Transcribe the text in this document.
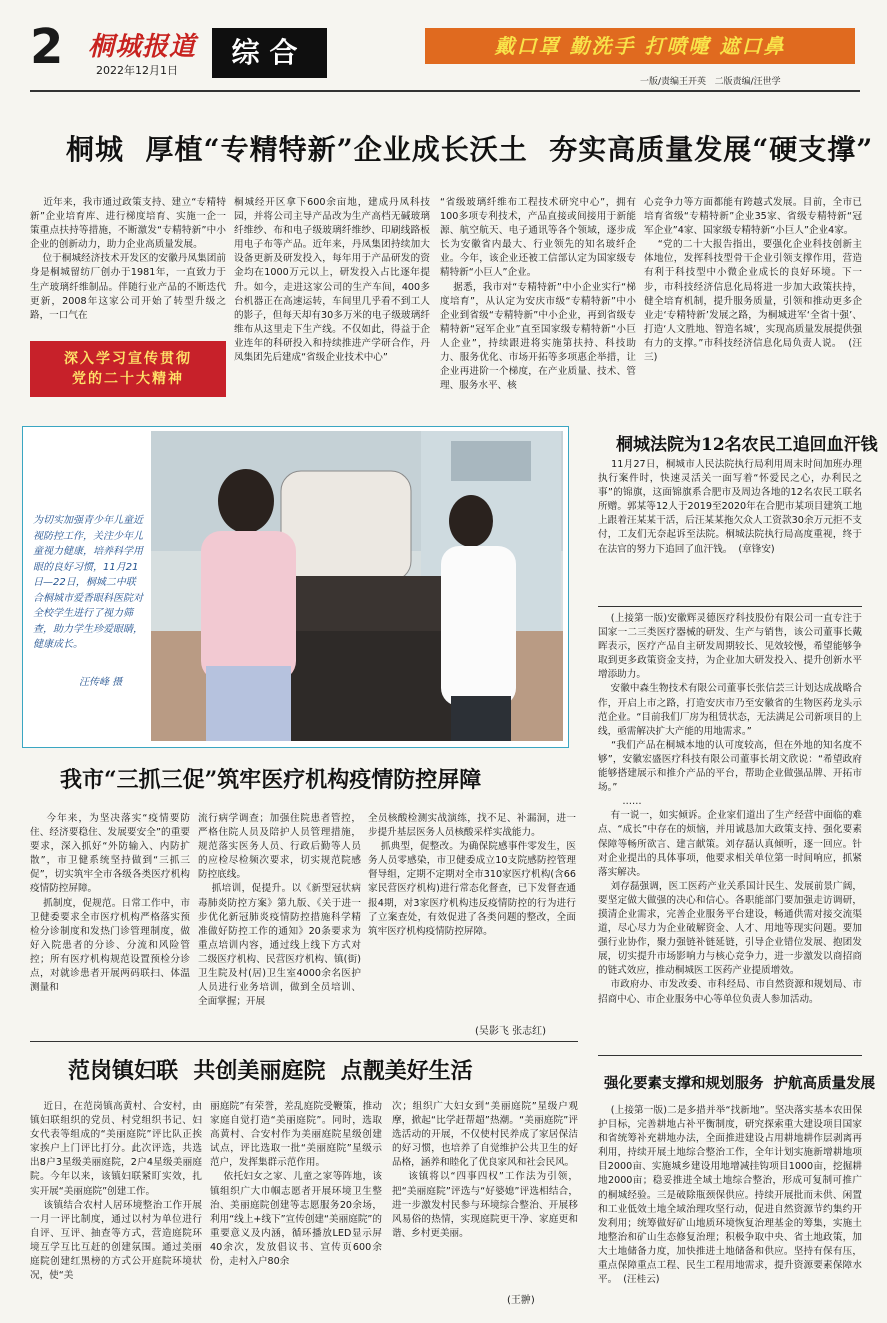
2 桐城报道
2022年12月1日
综合	戴口罩 勤洗手 打喷嚏 遮口鼻
一版/责编王开英   二版责编/汪世学
桐城  厚植“专精特新”企业成长沃土  夯实高质量发展“硬支撑”
近年来，我市通过政策支持、建立“专精特新”企业培育库、进行梯度培育、实施一企一策重点扶持等措施，不断激发“专精特新”中小企业的创新动力，助力企业高质量发展。
位于桐城经济技术开发区的安徽丹凤集团前身是桐城留纺厂创办于1981年，一直致力于生产玻璃纤维制品。伴随行业产品的不断迭代更新，2008年这家公司开始了转型升级之路，一口气在
深入学习宣传贯彻
党的二十大精神
桐城经开区拿下600余亩地，建成丹凤科技园，并将公司主导产品改为生产高档无碱玻璃纤维纱、布和电子级玻璃纤维纱、印刷线路板用电子布等产品。近年来，丹凤集团持续加大设备更新及研发投入，每年用于产品研发的资金均在1000万元以上，研发投入占比逐年提升。如今，走进这家公司的生产车间，400多台机器正在高速运转，车间里几乎看不到工人的影子，但每天却有30多万米的电子级玻璃纤维布从这里走下生产线。不仅如此，得益于企业连年的科研投入和持续推进产学研合作，丹凤集团先后建成“省级企业技术中心”
“省级玻璃纤维布工程技术研究中心”，拥有100多项专利技术，产品直接或间接用于新能源、航空航天、电子通讯等各个领域，逐步成长为安徽省内最大、行业领先的知名玻纤企业。今年，该企业还被工信部认定为国家级专精特新“小巨人”企业。
据悉，我市对“专精特新”中小企业实行“梯度培育”，从认定为安庆市级“专精特新”中小企业到省级“专精特新”中小企业，再到省级专精特新“冠军企业”直至国家级专精特新“小巨人企业”，持续跟进将实施第扶持、科技助力、服务优化、市场开拓等多项惠企举措，让企业再进阶一个梯度，在产业质量、技术、管理、服务水平、核
心竞争力等方面都能有跨越式发展。目前，全市已培育省级“专精特新”企业35家、省级专精特新“冠军企业”4家、国家级专精特新“小巨人”企业4家。
“党的二十大报告指出，要强化企业科技创新主体地位，发挥科技型骨干企业引领支撑作用，营造有利于科技型中小微企业成长的良好环境。下一步，市科技经济信息化局将进一步加大政策扶持，健全培育机制，提升服务质量，引领和推动更多企业走‘专精特新’发展之路，为桐城进军‘全省十强’、打造‘人文胜地、智造名城’，实现高质量发展提供强有力的支撑。”市科技经济信息化局负责人说。  (汪三)
为切实加强青少年儿童近视防控工作，关注少年儿童视力健康，培养科学用眼的良好习惯，11月21日—22日，桐城二中联合桐城市爱香眼科医院对全校学生进行了视力筛查，助力学生珍爱眼睛，健康成长。
汪传峰 摄
桐城法院为12名农民工追回血汗钱
11月27日，桐城市人民法院执行局利用周末时间加班办理执行案件时，快速灵活关一面写着“怀爱民之心，办利民之事”的锦旗，这面锦旗系合肥市及周边各地的12名农民工联名所赠。郭某等12人于2019至2020年在合肥市某项目建筑工地上跟着汪某某干活，后汪某某拖欠众人工资款30余万元拒不支付，工友们无奈起诉至法院。桐城法院执行局高度重视，终于在法官的努力下追回了血汗钱。  (章锋安)
(上接第一版)安徽辉灵德医疗科技股份有限公司一直专注于国家一二三类医疗器械的研发、生产与销售，该公司董事长戴晖表示，医疗产品自主研发周期较长、见效较慢，希望能够争取到更多政策资金支持，为企业加大研发投入、提升创新水平增添助力。
安徽中森生物技术有限公司董事长张信芸三计划达成战略合作，开启上市之路，打造安庆市乃至安徽省的生物医药龙头示范企业。“目前我们厂房为租赁状态，无法满足公司新项目的上线，亟需解决扩大产能的用地需求。”
“我们产品在桐城本地的认可度较高，但在外地的知名度不够”，安徽宏盛医疗科技有限公司董事长胡文欣说：“希望政府能够搭建展示和推介产品的平台，帮助企业做强品牌、开拓市场。”
……
有一说一，如实倾诉。企业家们道出了生产经营中面临的难点、“成长”中存在的烦恼，并用诚恳加大政策支持、强化要素保障等畅所欲言、建言献策。刘存磊认真倾听，逐一回应。针对企业提出的具体事项，他要求相关单位第一时间响应，抓紧落实解决。
刘存磊强调，医工医药产业关系国计民生、发展前景广阔，要坚定做大做强的决心和信心。各职能部门要加强走访调研，摸清企业需求，完善企业服务平台建设，畅通供需对接交流渠道，尽心尽力为企业破解资金、人才、用地等现实问题。要加强行业协作，聚力强链补链延链，引导企业错位发展、抱团发展，切实提升市场影响力与核心竞争力，进一步激发以商招商的链式效应，推动桐城医工医药产业提质增效。
市政府办、市发改委、市科经局、市自然资源和规划局、市招商中心、市企业服务中心等单位负责人参加活动。
我市“三抓三促”筑牢医疗机构疫情防控屏障
今年来，为坚决落实“疫情要防住、经济要稳住、发展要安全”的重要要求，深入抓好“外防输入、内防扩散”，市卫健系统坚持做到“三抓三促”，切实筑牢全市各级各类医疗机构疫情防控屏障。
抓制度，促规范。日常工作中，市卫健委要求全市医疗机构严格落实预检分诊制度和发热门诊管理制度，做好入院患者的分诊、分流和风险管控；所有医疗机构规范设置预检分诊点，对就诊患者开展两码联扫、体温测量和
流行病学调查；加强住院患者管控，严格住院人员及陪护人员管理措施，规范落实医务人员、行政后勤等人员的应检尽检频次要求，切实规范院感防控底线。
抓培训，促提升。以《新型冠状病毒肺炎防控方案》第九版、《关于进一步优化新冠肺炎疫情防控措施科学精准做好防控工作的通知》20条要求为重点培训内容，通过线上线下方式对二级医疗机构、民营医疗机构、镇(街)卫生院及村(居)卫生室4000余名医护人员进行业务培训，做到全员培训、全面掌握；开展
全员核酸检测实战演练，找不足、补漏洞，进一步提升基层医务人员核酸采样实战能力。
抓典型，促整改。为确保院感事件零发生，医务人员零感染，市卫健委成立10支院感防控管理督导组，定期不定期对全市310家医疗机构(含66家民营医疗机构)进行常态化督查，已下发督查通报4期，对3家医疗机构违反疫情防控的行为进行了立案查处，有效促进了各类问题的整改，全面筑牢医疗机构疫情防控屏障。
(吴影飞 张志红)
范岗镇妇联  共创美丽庭院  点靓美好生活
近日，在范岗镇高黄村、合安村，由镇妇联组织的党员、村党组织书记、妇女代表等组成的“美丽庭院”评比队正挨家挨户上门评比打分。此次评选，共选出8户3星级美丽庭院，2户4星级美丽庭院。今年以来，该镇妇联紧盯实效，扎实开展“美丽庭院”创建工作。
该镇结合农村人居环境整治工作开展一月一评比制度，通过以村为单位进行自评、互评、抽查等方式，营造庭院环境互学互比互赶的创建氛围。通过美丽庭院创建红黑榜的方式公开庭院环境状况，使“美
丽庭院”有荣誉，差乱庭院受鞭策，推动家庭自觉打造“美丽庭院”。同时，选取高黄村、合安村作为美丽庭院星级创建试点，评比选取一批“美丽庭院”星级示范户，发挥集群示范作用。
依托妇女之家、儿童之家等阵地，该镇组织广大巾帼志愿者开展环境卫生整治、美丽庭院创建等志愿服务20余场，利用“线上+线下”宣传创建“美丽庭院”的重要意义及内涵，循环播放LED显示屏40余次，发放倡议书、宣传页600余份，走村入户80余
次；组织广大妇女到“美丽庭院”星级户观摩，掀起“比学赶帮超”热潮。“美丽庭院”评选活动的开展，不仅使村民养成了家居保洁的好习惯，也培养了自觉维护公共卫生的好品格，涵养和睦化了优良家风和社会民风。
该镇将以“四事四权”工作法为引领，把“美丽庭院”评选与“好婆媳”评选相结合，进一步激发村民参与环境综合整治、开展移风易俗的热情，实现庭院更干净、家庭更和谐、乡村更美丽。
(王翀)
强化要素支撑和规划服务  护航高质量发展
(上接第一版)二是多措并举“找新地”。坚决落实基本农田保护目标，完善耕地占补平衡制度，研究探索重大建设项目国家和省统筹补充耕地办法，全面推进建设占用耕地耕作层剥离再利用，持续开展土地综合整治工作，全年计划实施新增耕地项目2000亩、实施城乡建设用地增减挂钩项目1000亩，挖掘耕地2000亩；稳妥推进全域土地综合整治，形成可复制可推广的桐城经验。三是破除瓶颈保供应。持续开展批而未供、闲置和工业低效土地全域治理攻坚行动，促进自然资源节约集约开发利用；统筹做好矿山地质环境恢复治理基金的筹集，实施土地整治和矿山生态修复治理；积极争取中央、省土地政策，加大土地储备力度，加快推进土地储备和供应。坚持有保有压，重点保障重点工程、民生工程用地需求，提升资源要素保障水平。  (汪桂云)
